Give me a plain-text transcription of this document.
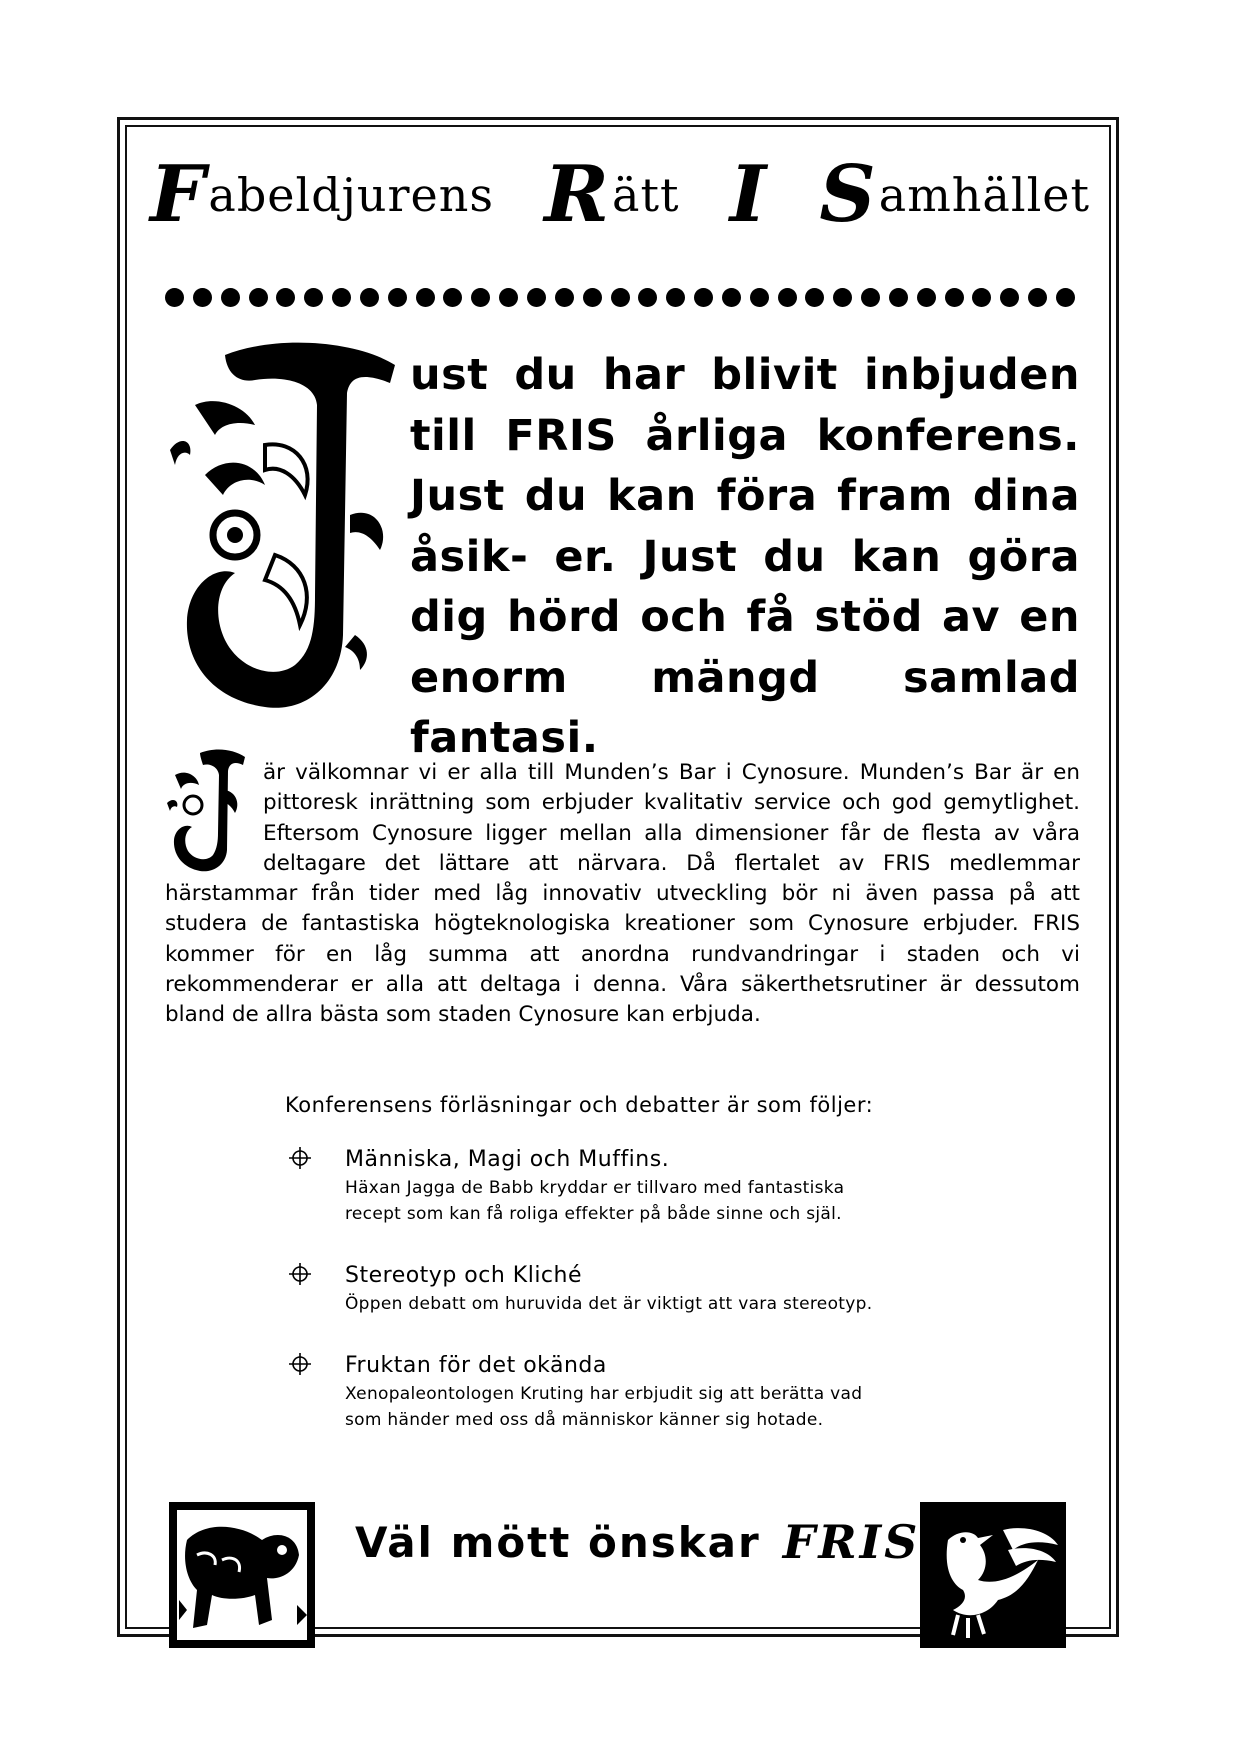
F abeldjurens R ätt I S amhället

ust du har blivit inbjuden till FRIS årliga konferens. Just du kan föra fram dina åsik- er. Just du kan göra dig hörd och få stöd av en enorm mängd samlad fantasi.

är välkomnar vi er alla till Munden’s Bar i Cynosure. Munden’s Bar är en pittoresk inrättning som erbjuder kvalitativ service och god gemytlighet. Eftersom Cynosure ligger mellan alla dimensioner får de flesta av våra deltagare det lättare att närvara. Då flertalet av FRIS medlemmar härstammar från tider med låg innovativ utveckling bör ni även passa på att studera de fantastiska högteknologiska kreationer som Cynosure erbjuder. FRIS kommer för en låg summa att anordna rundvandringar i staden och vi rekommenderar er alla att deltaga i denna. Våra säkerthetsrutiner är dessutom bland de allra bästa som staden Cynosure kan erbjuda.

Konferensens förläsningar och debatter är som följer:
Människa, Magi och Muffins.
Häxan Jagga de Babb kryddar er tillvaro med fantastiska
recept som kan få roliga effekter på både sinne och själ.
Stereotyp och Kliché
Öppen debatt om huruvida det är viktigt att vara stereotyp.
Fruktan för det okända
Xenopaleontologen Kruting har erbjudit sig att berätta vad
som händer med oss då människor känner sig hotade.
Väl mött önskar FRIS
